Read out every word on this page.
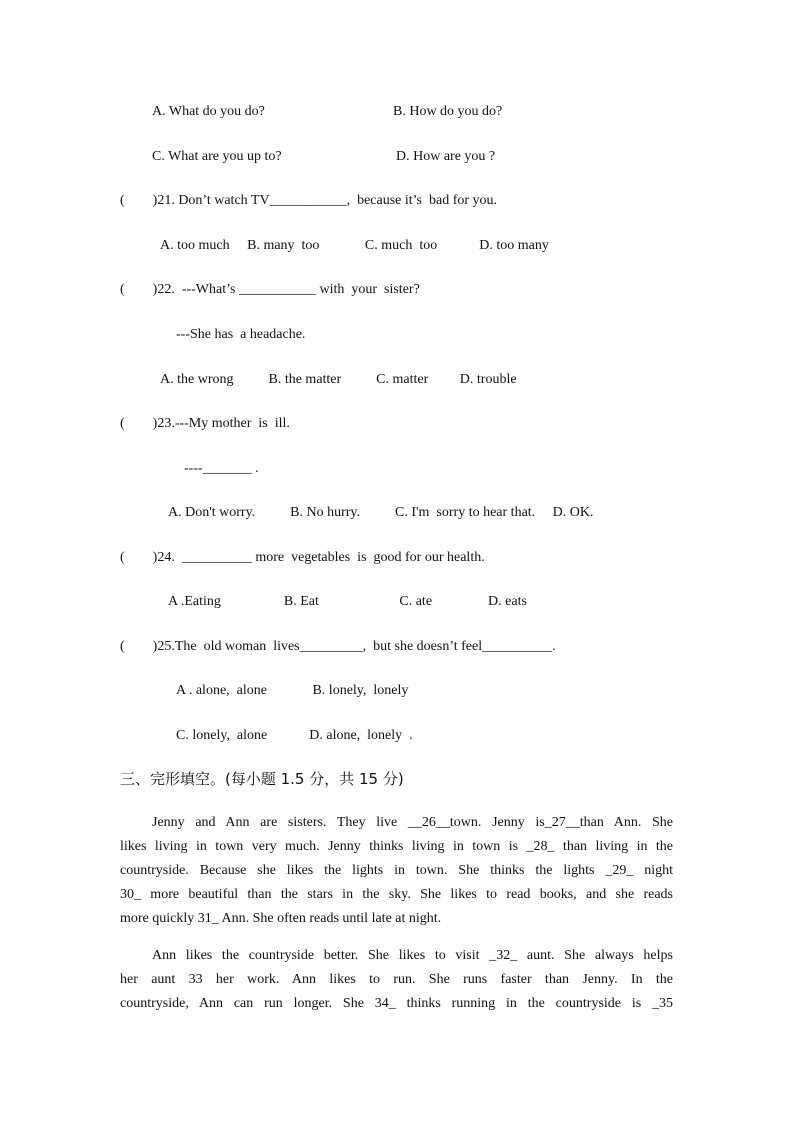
A. What do you do?	B. How do you do?
C. What are you up to?	D. How are you ?
(        )21. Don’t watch TV___________,  because it’s  bad for you.
A. too much     B. many  too             C. much  too            D. too many
(        )22.  ---What’s ___________ with  your  sister?
---She has  a headache.
A. the wrong          B. the matter          C. matter         D. trouble
(        )23.---My mother  is  ill.
----_______ .
A. Don't worry.          B. No hurry.          C. I'm  sorry to hear that.     D. OK.
(        )24.  __________ more  vegetables  is  good for our health.
A .Eating                  B. Eat                       C. ate                D. eats
(        )25.The  old woman  lives_________,  but she doesn’t feel__________.
A . alone,  alone             B. lonely,  lonely
C. lonely,  alone            D. alone,  lonely  .
三、完形填空。(每小题 1.5 分，共 15 分)
Jenny and Ann are sisters. They live __26__town. Jenny is_27__than Ann. She
likes living in town very much. Jenny thinks living in town is _28_ than living in the
countryside. Because she likes the lights in town. She thinks the lights _29_ night
30_ more beautiful than the stars in the sky. She likes to read books, and she reads
more quickly 31_ Ann. She often reads until late at night.
Ann likes the countryside better. She likes to visit _32_ aunt. She always helps
her aunt 33 her work. Ann likes to run. She runs faster than Jenny. In the
countryside, Ann can run longer. She 34_ thinks running in the countryside is _35
